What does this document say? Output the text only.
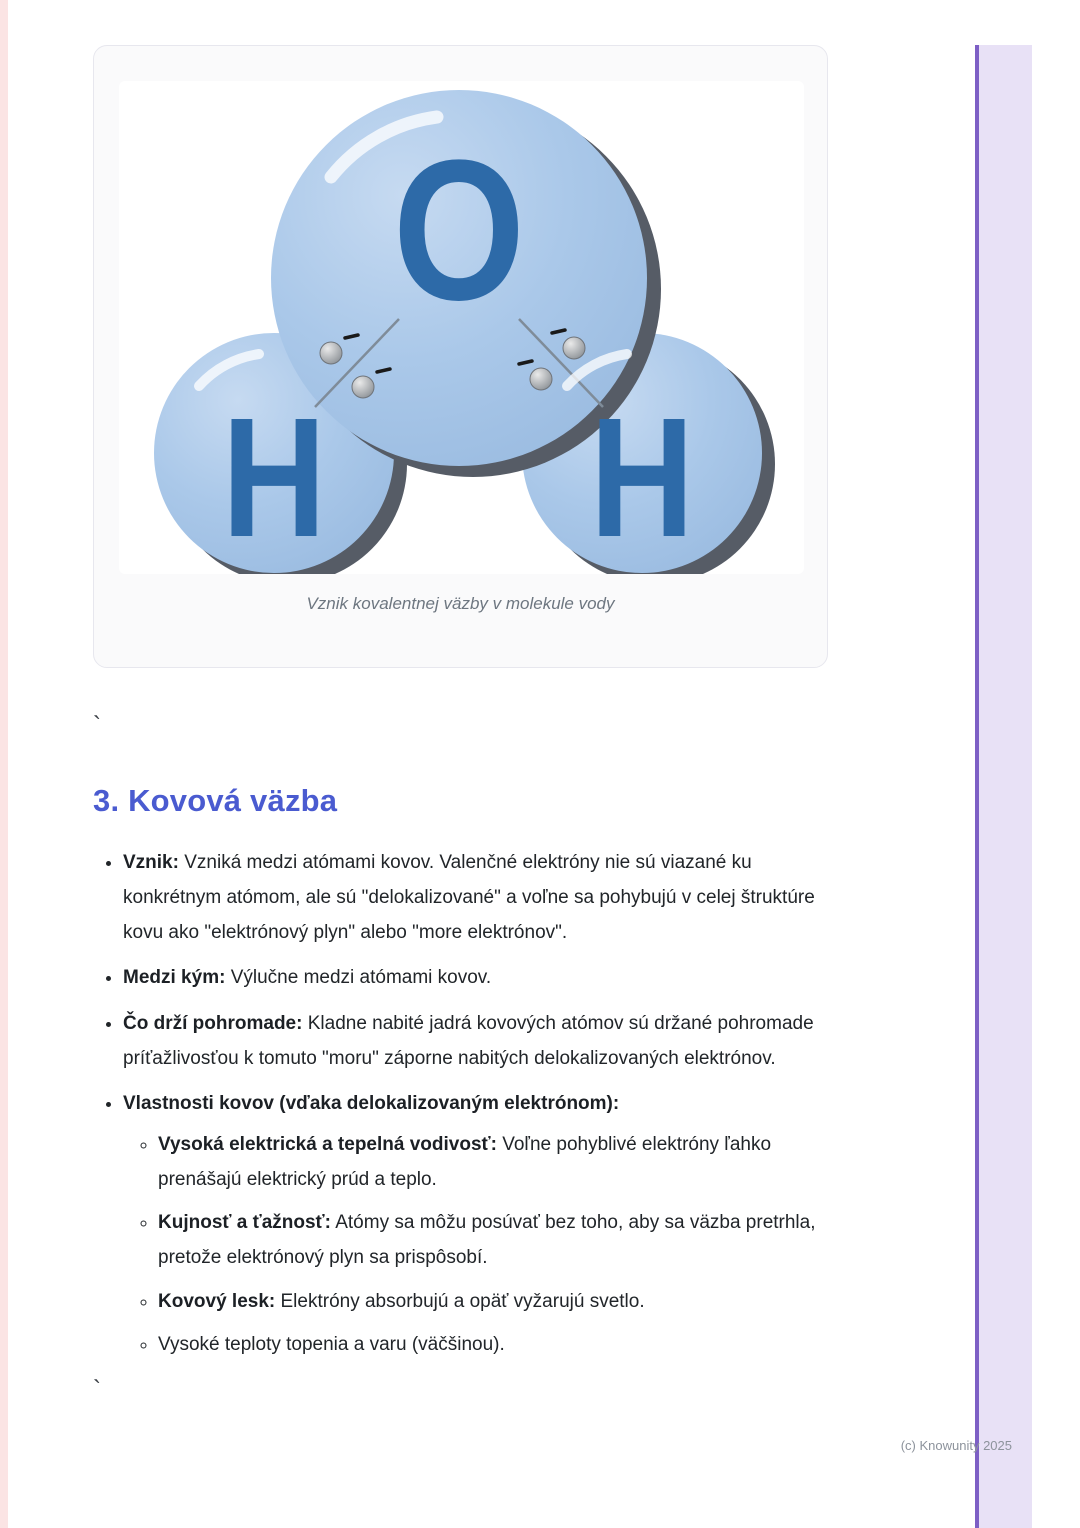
O
H H
Vznik kovalentnej väzby v molekule vody
`
3. Kovová väzba
• Vznik: Vzniká medzi atómami kovov. Valenčné elektróny nie sú viazané ku konkrétnym atómom, ale sú "delokalizované" a voľne sa pohybujú v celej štruktúre kovu ako "elektrónový plyn" alebo "more elektrónov".
• Medzi kým: Výlučne medzi atómami kovov.
• Čo drží pohromade: Kladne nabité jadrá kovových atómov sú držané pohromade príťažlivosťou k tomuto "moru" záporne nabitých delokalizovaných elektrónov.
• Vlastnosti kovov (vďaka delokalizovaným elektrónom):
◦ Vysoká elektrická a tepelná vodivosť: Voľne pohyblivé elektróny ľahko prenášajú elektrický prúd a teplo.
◦ Kujnosť a ťažnosť: Atómy sa môžu posúvať bez toho, aby sa väzba pretrhla, pretože elektrónový plyn sa prispôsobí.
◦ Kovový lesk: Elektróny absorbujú a opäť vyžarujú svetlo.
◦ Vysoké teploty topenia a varu (väčšinou).
`
(c) Knowunity 2025
